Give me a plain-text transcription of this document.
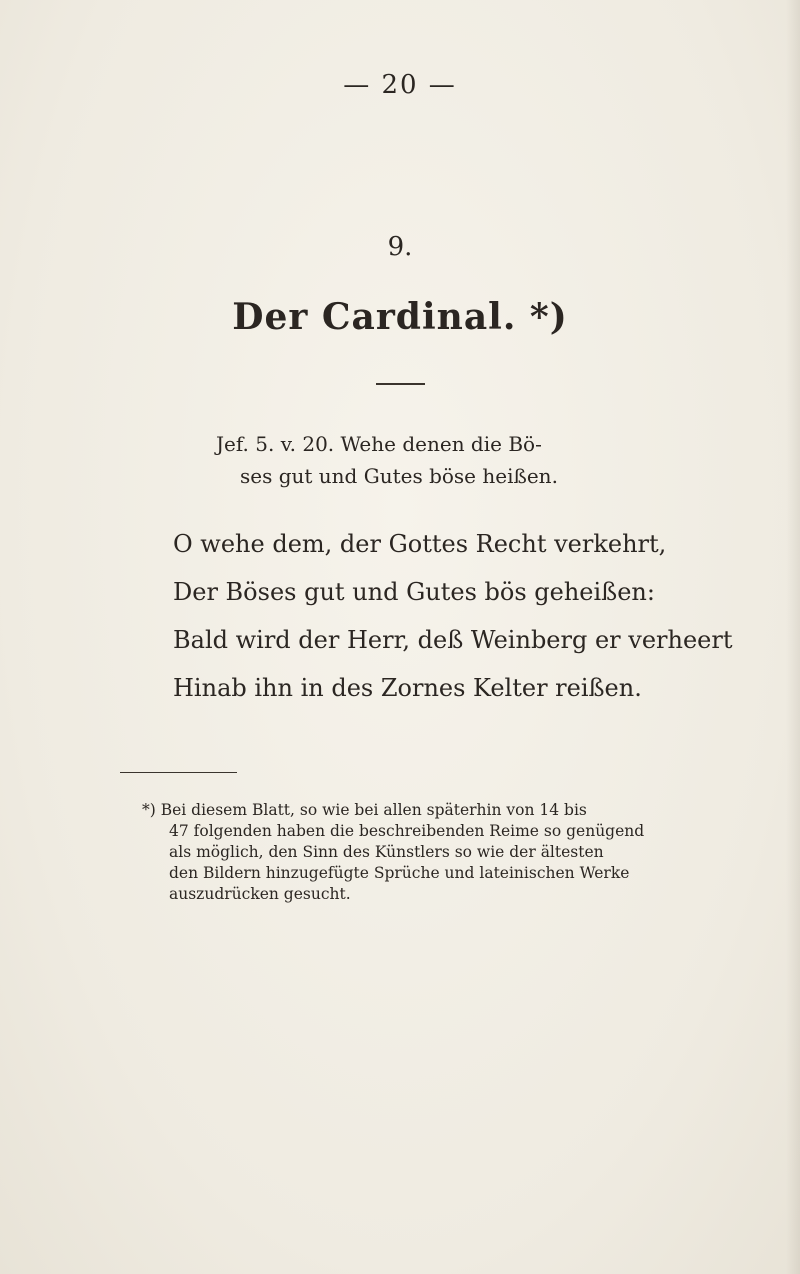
— 20 —

9.

Der Cardinal. *)
Jef. 5. v. 20. Wehe denen die Bö-
ses gut und Gutes böse heißen.
O wehe dem, der Gottes Recht verkehrt,
Der Böses gut und Gutes bös geheißen:
Bald wird der Herr, deß Weinberg er verheert
Hinab ihn in des Zornes Kelter reißen.
*) Bei diesem Blatt, so wie bei allen späterhin von 14 bis
47 folgenden haben die beschreibenden Reime so genügend
als möglich, den Sinn des Künstlers so wie der ältesten
den Bildern hinzugefügte Sprüche und lateinischen Werke
auszudrücken gesucht.
